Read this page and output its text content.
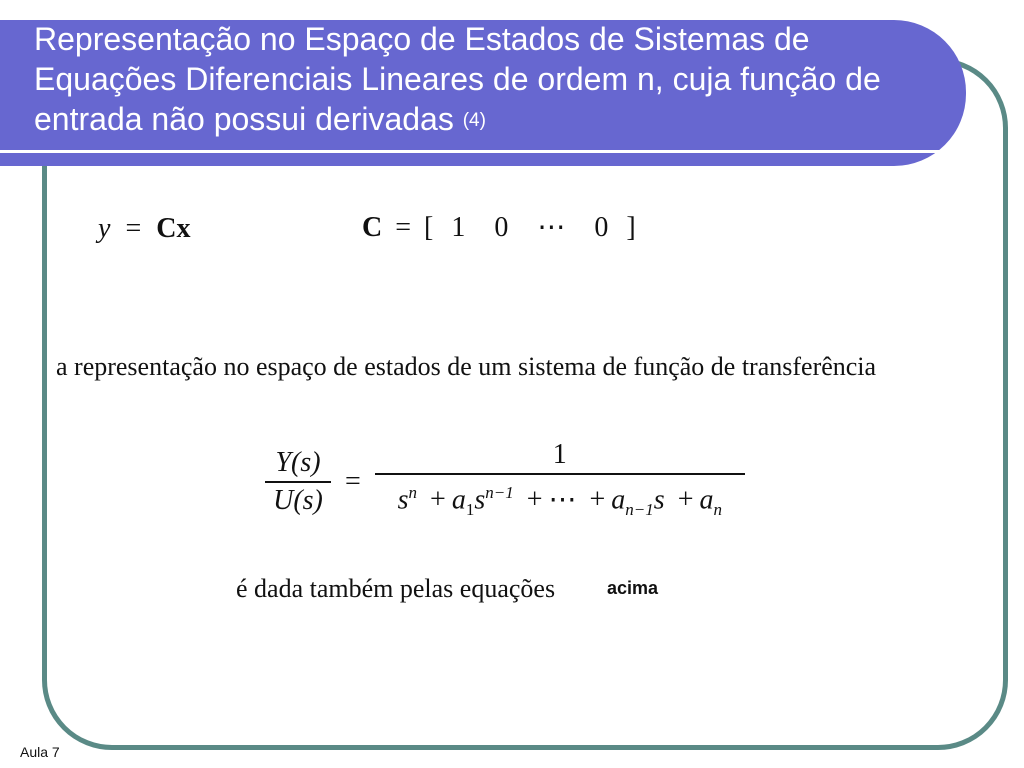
Representação no Espaço de Estados de Sistemas de Equações Diferenciais Lineares de ordem n, cuja função de entrada não possui derivadas $^{(4)}$
y = Cx	C = [ 1 0 ⋯ 0 ]
a representação no espaço de estados de um sistema de função de transferência
$\frac{Y(s)}{U(s)} = \frac{1}{s^n + a_1s^{n-1} + \cdots + a_{n-1}s + a_n}$
é dada também pelas equações	acima
Aula 7
